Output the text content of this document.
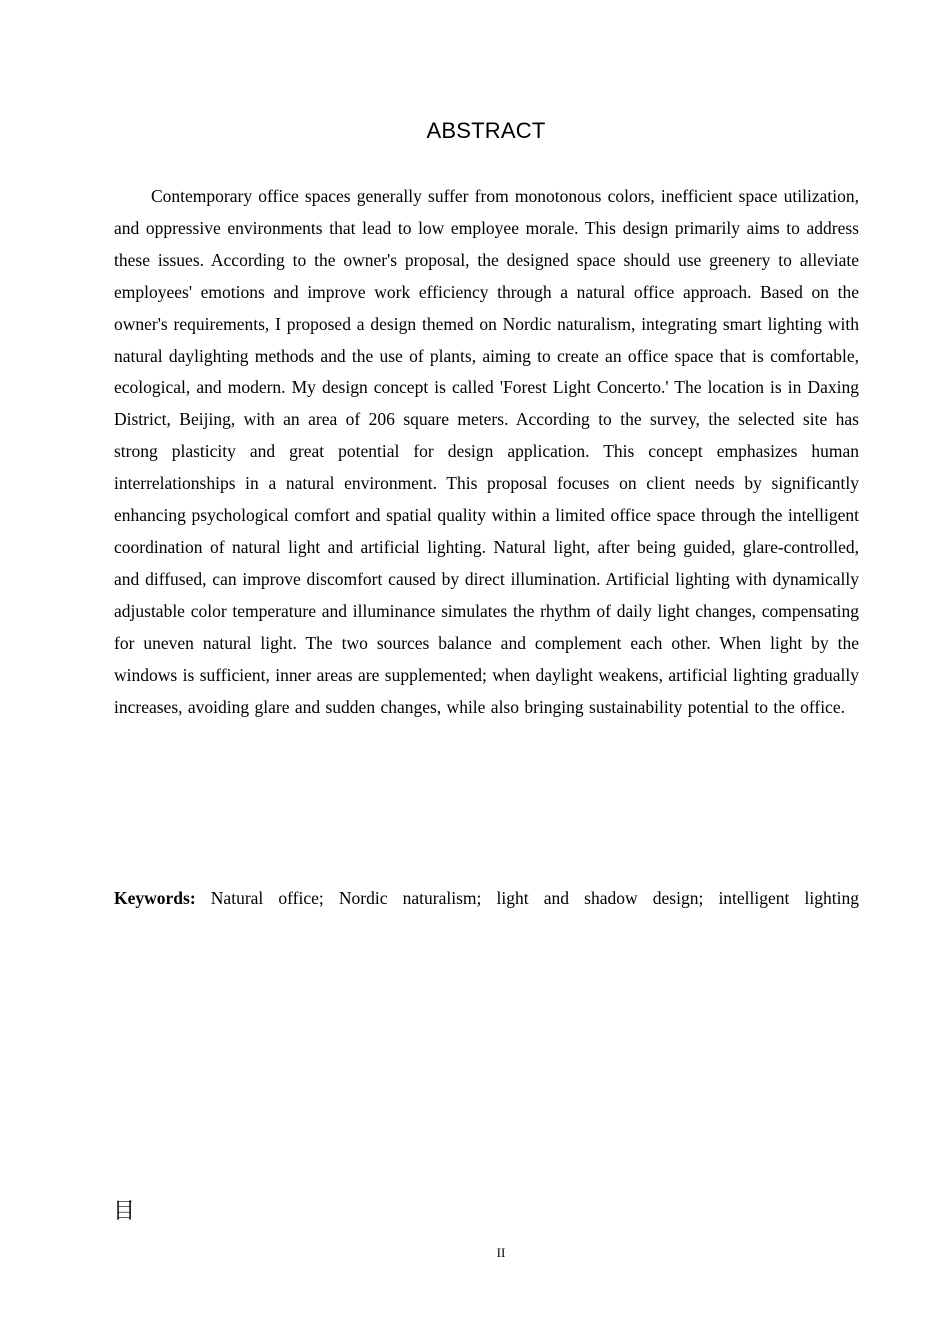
ABSTRACT

Contemporary office spaces generally suffer from monotonous colors, inefficient space utilization, and oppressive environments that lead to low employee morale. This design primarily aims to address these issues. According to the owner's proposal, the designed space should use greenery to alleviate employees' emotions and improve work efficiency through a natural office approach. Based on the owner's requirements, I proposed a design themed on Nordic naturalism, integrating smart lighting with natural daylighting methods and the use of plants, aiming to create an office space that is comfortable, ecological, and modern. My design concept is called 'Forest Light Concerto.' The location is in Daxing District, Beijing, with an area of 206 square meters. According to the survey, the selected site has strong plasticity and great potential for design application. This concept emphasizes human interrelationships in a natural environment. This proposal focuses on client needs by significantly enhancing psychological comfort and spatial quality within a limited office space through the intelligent coordination of natural light and artificial lighting. Natural light, after being guided, glare-controlled, and diffused, can improve discomfort caused by direct illumination. Artificial lighting with dynamically adjustable color temperature and illuminance simulates the rhythm of daily light changes, compensating for uneven natural light. The two sources balance and complement each other. When light by the windows is sufficient, inner areas are supplemented; when daylight weakens, artificial lighting gradually increases, avoiding glare and sudden changes, while also bringing sustainability potential to the office.

Keywords: Natural office; Nordic naturalism; light and shadow design; intelligent lighting

目
II
